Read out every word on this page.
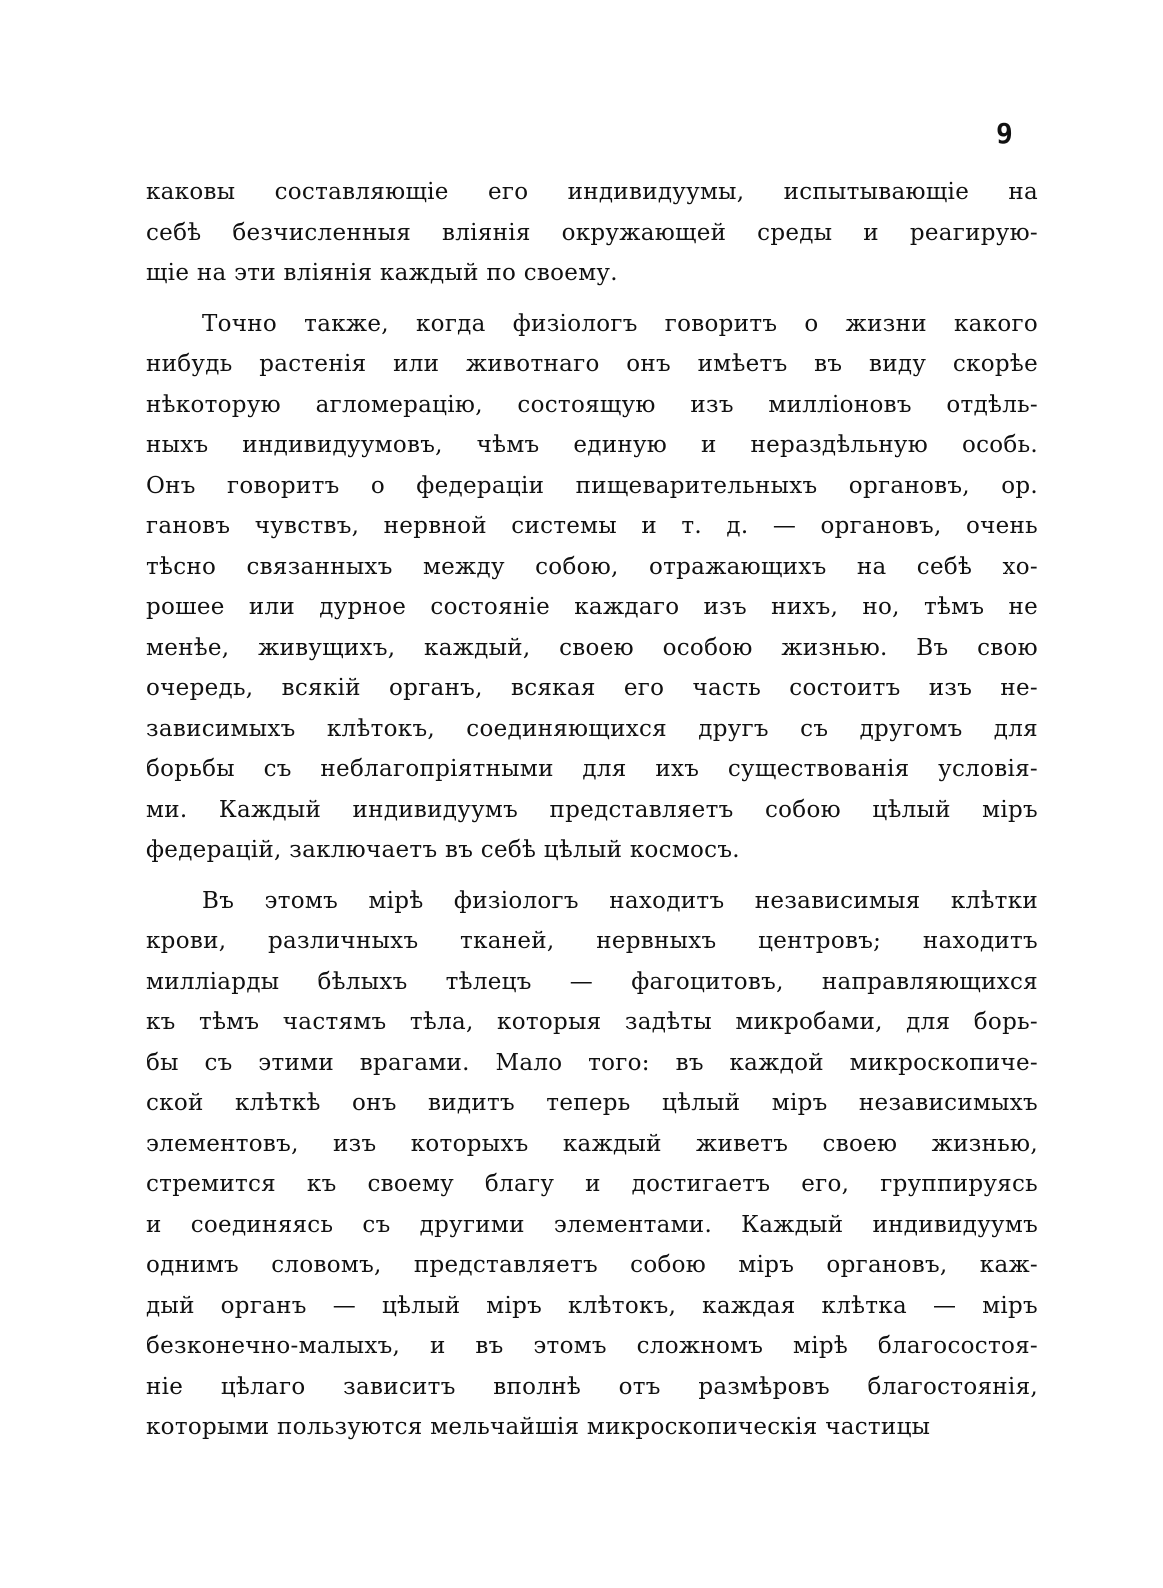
9

каковы составляющіе его индивидуумы, испытывающіе на
себѣ безчисленныя вліянія окружающей среды и реагирую-
щіе на эти вліянія каждый по своему.

Точно также, когда физіологъ говоритъ о жизни какого
нибудь растенія или животнаго онъ имѣетъ въ виду скорѣе
нѣкоторую агломерацію, состоящую изъ милліоновъ отдѣль-
ныхъ индивидуумовъ, чѣмъ единую и нераздѣльную особь.
Онъ говоритъ о федераціи пищеварительныхъ органовъ, ор.
гановъ чувствъ, нервной системы и т. д. — органовъ, очень
тѣсно связанныхъ между собою, отражающихъ на себѣ хо-
рошее или дурное состояніе каждаго изъ нихъ, но, тѣмъ не
менѣе, живущихъ, каждый, своею особою жизнью. Въ свою
очередь, всякій органъ, всякая его часть состоитъ изъ не-
зависимыхъ клѣтокъ, соединяющихся другъ съ другомъ для
борьбы съ неблагопріятными для ихъ существованія условія-
ми. Каждый индивидуумъ представляетъ собою цѣлый міръ
федерацій, заключаетъ въ себѣ цѣлый космосъ.

Въ этомъ мірѣ физіологъ находитъ независимыя клѣтки
крови, различныхъ тканей, нервныхъ центровъ; находитъ
милліарды бѣлыхъ тѣлецъ — фагоцитовъ, направляющихся
къ тѣмъ частямъ тѣла, которыя задѣты микробами, для борь-
бы съ этими врагами. Мало того: въ каждой микроскопиче-
ской клѣткѣ онъ видитъ теперь цѣлый міръ независимыхъ
элементовъ, изъ которыхъ каждый живетъ своею жизнью,
стремится къ своему благу и достигаетъ его, группируясь
и соединяясь съ другими элементами. Каждый индивидуумъ
однимъ словомъ, представляетъ собою міръ органовъ, каж-
дый органъ — цѣлый міръ клѣтокъ, каждая клѣтка — міръ
безконечно-малыхъ, и въ этомъ сложномъ мірѣ благосостоя-
ніе цѣлаго зависитъ вполнѣ отъ размѣровъ благостоянія,
которыми пользуются мельчайшія микроскопическія частицы
